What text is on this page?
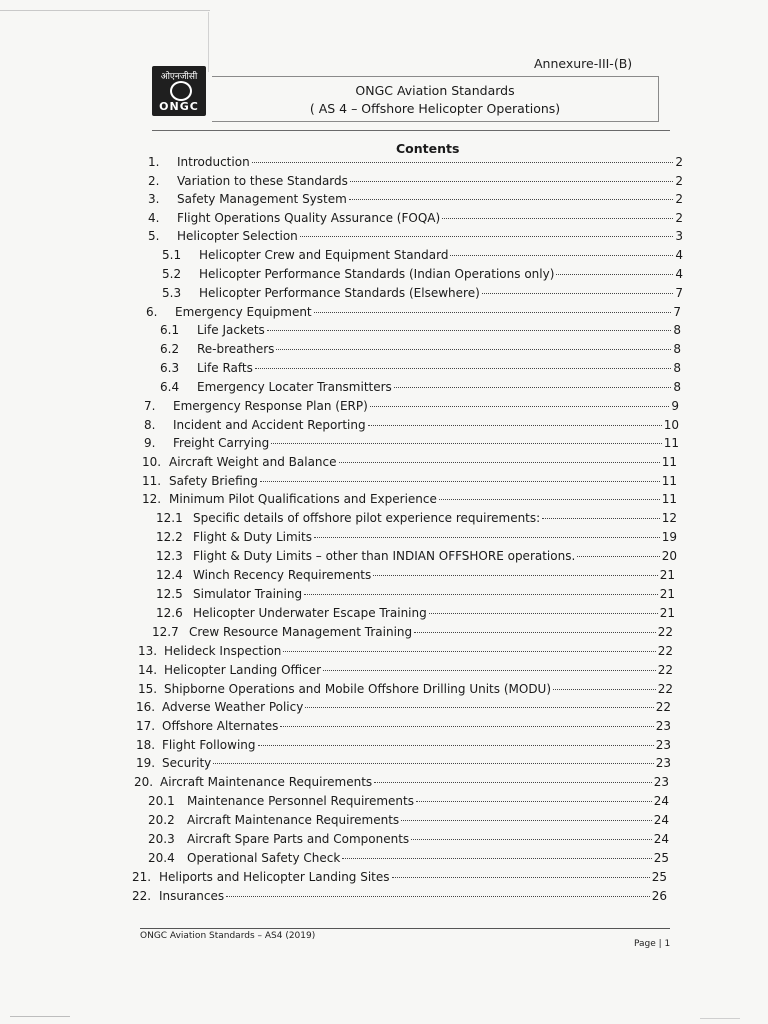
Annexure-III-(B)
ओएनजीसी
ONGC
ONGC Aviation Standards
( AS 4 – Offshore Helicopter Operations)
Contents
1.	Introduction	2
2.	Variation to these Standards	2
3.	Safety Management System	2
4.	Flight Operations Quality Assurance (FOQA)	2
5.	Helicopter Selection	3
5.1	Helicopter Crew and Equipment Standard	4
5.2	Helicopter Performance Standards (Indian Operations only)	4
5.3	Helicopter Performance Standards (Elsewhere)	7
6.	Emergency Equipment	7
6.1	Life Jackets	8
6.2	Re-breathers	8
6.3	Life Rafts	8
6.4	Emergency Locater Transmitters	8
7.	Emergency Response Plan (ERP)	9
8.	Incident and Accident Reporting	10
9.	Freight Carrying	11
10. Aircraft Weight and Balance	11
11. Safety Briefing	11
12. Minimum Pilot Qualifications and Experience	11
12.1 Specific details of offshore pilot experience requirements:	12
12.2 Flight & Duty Limits	19
12.3 Flight & Duty Limits – other than INDIAN OFFSHORE operations.	20
12.4 Winch Recency Requirements	21
12.5 Simulator Training	21
12.6 Helicopter Underwater Escape Training	21
12.7 Crew Resource Management Training	22
13. Helideck Inspection	22
14. Helicopter Landing Officer	22
15. Shipborne Operations and Mobile Offshore Drilling Units (MODU)	22
16. Adverse Weather Policy	22
17. Offshore Alternates	23
18. Flight Following	23
19. Security	23
20. Aircraft Maintenance Requirements	23
20.1	Maintenance Personnel Requirements	24
20.2	Aircraft Maintenance Requirements	24
20.3	Aircraft Spare Parts and Components	24
20.4	Operational Safety Check	25
21. Heliports and Helicopter Landing Sites	25
22. Insurances	26
ONGC Aviation Standards – AS4 (2019)
Page | 1
